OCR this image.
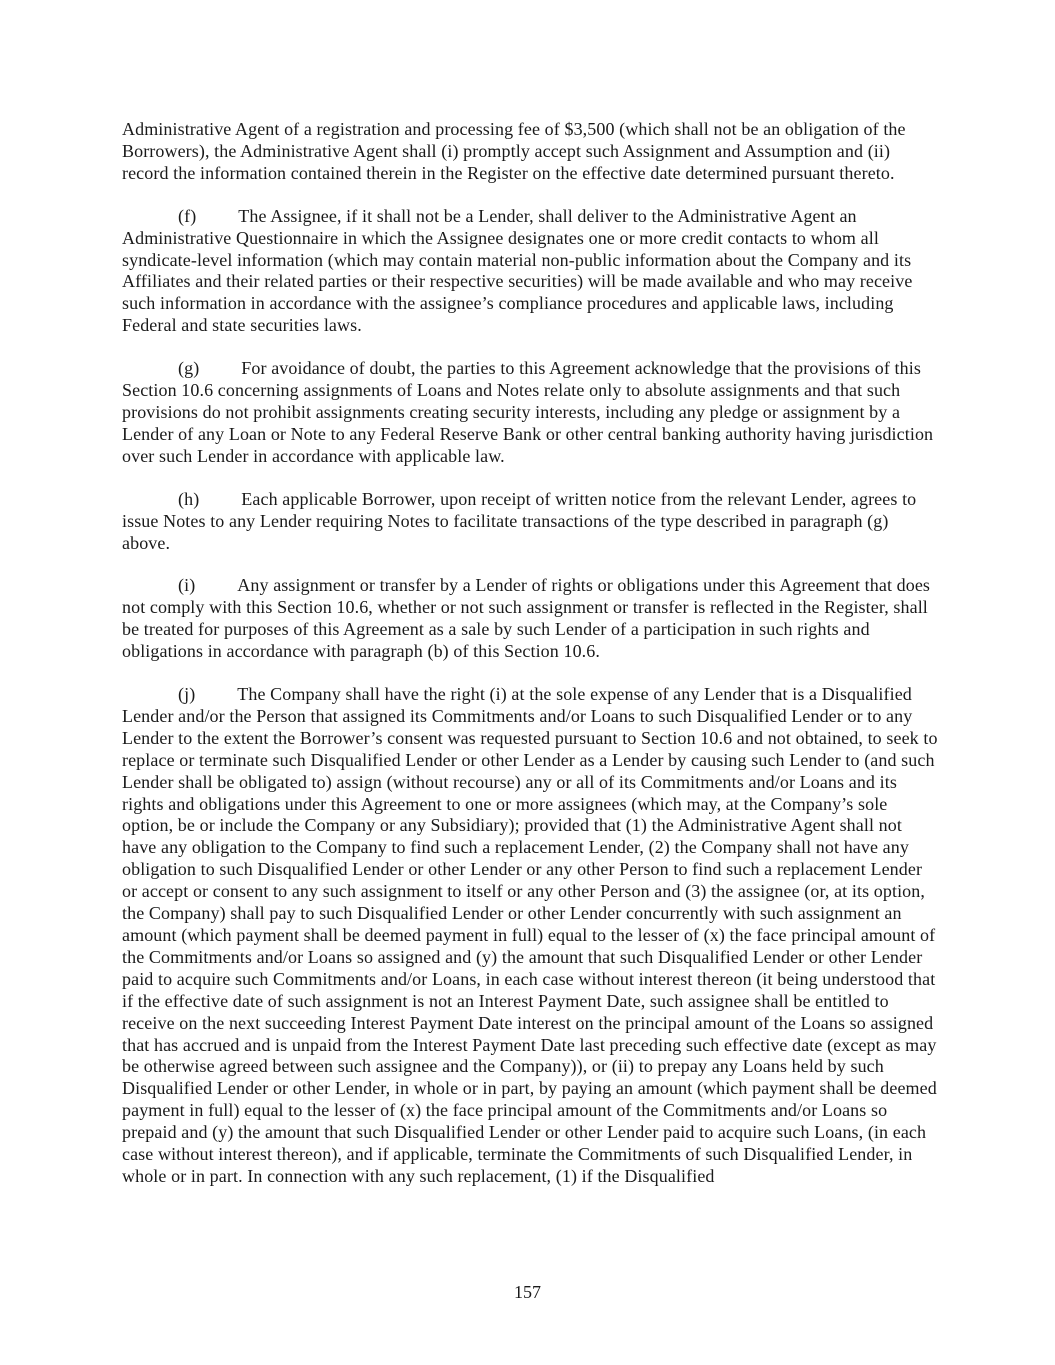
Administrative Agent of a registration and processing fee of $3,500 (which shall not be an obligation of the Borrowers), the Administrative Agent shall (i) promptly accept such Assignment and Assumption and (ii) record the information contained therein in the Register on the effective date determined pursuant thereto.

(f) The Assignee, if it shall not be a Lender, shall deliver to the Administrative Agent an Administrative Questionnaire in which the Assignee designates one or more credit contacts to whom all syndicate-level information (which may contain material non-public information about the Company and its Affiliates and their related parties or their respective securities) will be made available and who may receive such information in accordance with the assignee’s compliance procedures and applicable laws, including Federal and state securities laws.

(g) For avoidance of doubt, the parties to this Agreement acknowledge that the provisions of this Section 10.6 concerning assignments of Loans and Notes relate only to absolute assignments and that such provisions do not prohibit assignments creating security interests, including any pledge or assignment by a Lender of any Loan or Note to any Federal Reserve Bank or other central banking authority having jurisdiction over such Lender in accordance with applicable law.

(h) Each applicable Borrower, upon receipt of written notice from the relevant Lender, agrees to issue Notes to any Lender requiring Notes to facilitate transactions of the type described in paragraph (g) above.

(i) Any assignment or transfer by a Lender of rights or obligations under this Agreement that does not comply with this Section 10.6, whether or not such assignment or transfer is reflected in the Register, shall be treated for purposes of this Agreement as a sale by such Lender of a participation in such rights and obligations in accordance with paragraph (b) of this Section 10.6.

(j) The Company shall have the right (i) at the sole expense of any Lender that is a Disqualified Lender and/or the Person that assigned its Commitments and/or Loans to such Disqualified Lender or to any Lender to the extent the Borrower’s consent was requested pursuant to Section 10.6 and not obtained, to seek to replace or terminate such Disqualified Lender or other Lender as a Lender by causing such Lender to (and such Lender shall be obligated to) assign (without recourse) any or all of its Commitments and/or Loans and its rights and obligations under this Agreement to one or more assignees (which may, at the Company’s sole option, be or include the Company or any Subsidiary); provided that (1) the Administrative Agent shall not have any obligation to the Company to find such a replacement Lender, (2) the Company shall not have any obligation to such Disqualified Lender or other Lender or any other Person to find such a replacement Lender or accept or consent to any such assignment to itself or any other Person and (3) the assignee (or, at its option, the Company) shall pay to such Disqualified Lender or other Lender concurrently with such assignment an amount (which payment shall be deemed payment in full) equal to the lesser of (x) the face principal amount of the Commitments and/or Loans so assigned and (y) the amount that such Disqualified Lender or other Lender paid to acquire such Commitments and/or Loans, in each case without interest thereon (it being understood that if the effective date of such assignment is not an Interest Payment Date, such assignee shall be entitled to receive on the next succeeding Interest Payment Date interest on the principal amount of the Loans so assigned that has accrued and is unpaid from the Interest Payment Date last preceding such effective date (except as may be otherwise agreed between such assignee and the Company)), or (ii) to prepay any Loans held by such Disqualified Lender or other Lender, in whole or in part, by paying an amount (which payment shall be deemed payment in full) equal to the lesser of (x) the face principal amount of the Commitments and/or Loans so prepaid and (y) the amount that such Disqualified Lender or other Lender paid to acquire such Loans, (in each case without interest thereon), and if applicable, terminate the Commitments of such Disqualified Lender, in whole or in part. In connection with any such replacement, (1) if the Disqualified

157
